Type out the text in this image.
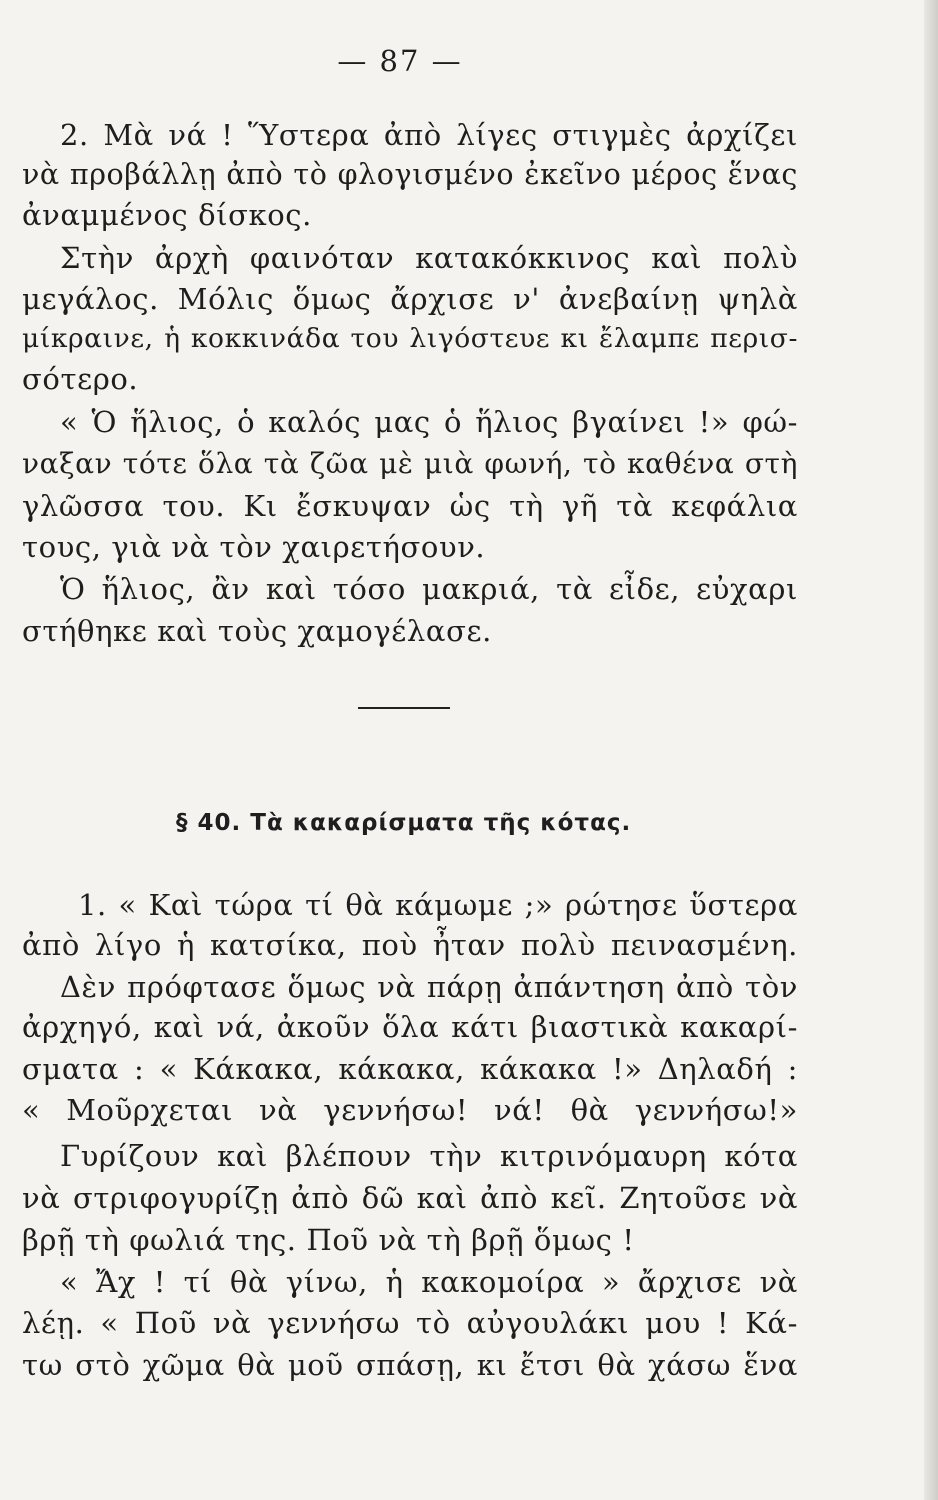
— 87 —
2. Μὰ νά ! Ὕστερα ἀπὸ λίγες στιγμὲς ἀρχίζει
νὰ προβάλλῃ ἀπὸ τὸ φλογισμένο ἐκεῖνο μέρος ἕνας
ἀναμμένος δίσκος.
Στὴν ἀρχὴ φαινόταν κατακόκκινος καὶ πολὺ
μεγάλος. Μόλις ὅμως ἄρχισε ν' ἀνεβαίνῃ ψηλὰ
μίκραινε, ἡ κοκκινάδα του λιγόστευε κι ἔλαμπε περισ-
σότερο.
« Ὁ ἥλιος, ὁ καλός μας ὁ ἥλιος βγαίνει !» φώ-
ναξαν τότε ὅλα τὰ ζῶα μὲ μιὰ φωνή, τὸ καθένα στὴ
γλῶσσα του. Κι ἔσκυψαν ὡς τὴ γῆ τὰ κεφάλια
τους, γιὰ νὰ τὸν χαιρετήσουν.
Ὁ ἥλιος, ἂν καὶ τόσο μακριά, τὰ εἶδε, εὐχαρι
στήθηκε καὶ τοὺς χαμογέλασε.
§ 40. Τὰ κακαρίσματα τῆς κότας.
1. « Καὶ τώρα τί θὰ κάμωμε ;» ρώτησε ὕστερα
ἀπὸ λίγο ἡ κατσίκα, ποὺ ἦταν πολὺ πεινασμένη.
Δὲν πρόφτασε ὅμως νὰ πάρῃ ἀπάντηση ἀπὸ τὸν
ἀρχηγό, καὶ νά, ἀκοῦν ὅλα κάτι βιαστικὰ κακαρί-
σματα : « Κάκακα, κάκακα, κάκακα !» Δηλαδή :
« Μοῦρχεται νὰ γεννήσω! νά! θὰ γεννήσω!»
Γυρίζουν καὶ βλέπουν τὴν κιτρινόμαυρη κότα
νὰ στριφογυρίζῃ ἀπὸ δῶ καὶ ἀπὸ κεῖ. Ζητοῦσε νὰ
βρῇ τὴ φωλιά της. Ποῦ νὰ τὴ βρῇ ὅμως !
« Ἄχ ! τί θὰ γίνω, ἡ κακομοίρα » ἄρχισε νὰ
λέῃ. « Ποῦ νὰ γεννήσω τὸ αὐγουλάκι μου ! Κά-
τω στὸ χῶμα θὰ μοῦ σπάσῃ, κι ἔτσι θὰ χάσω ἕνα
